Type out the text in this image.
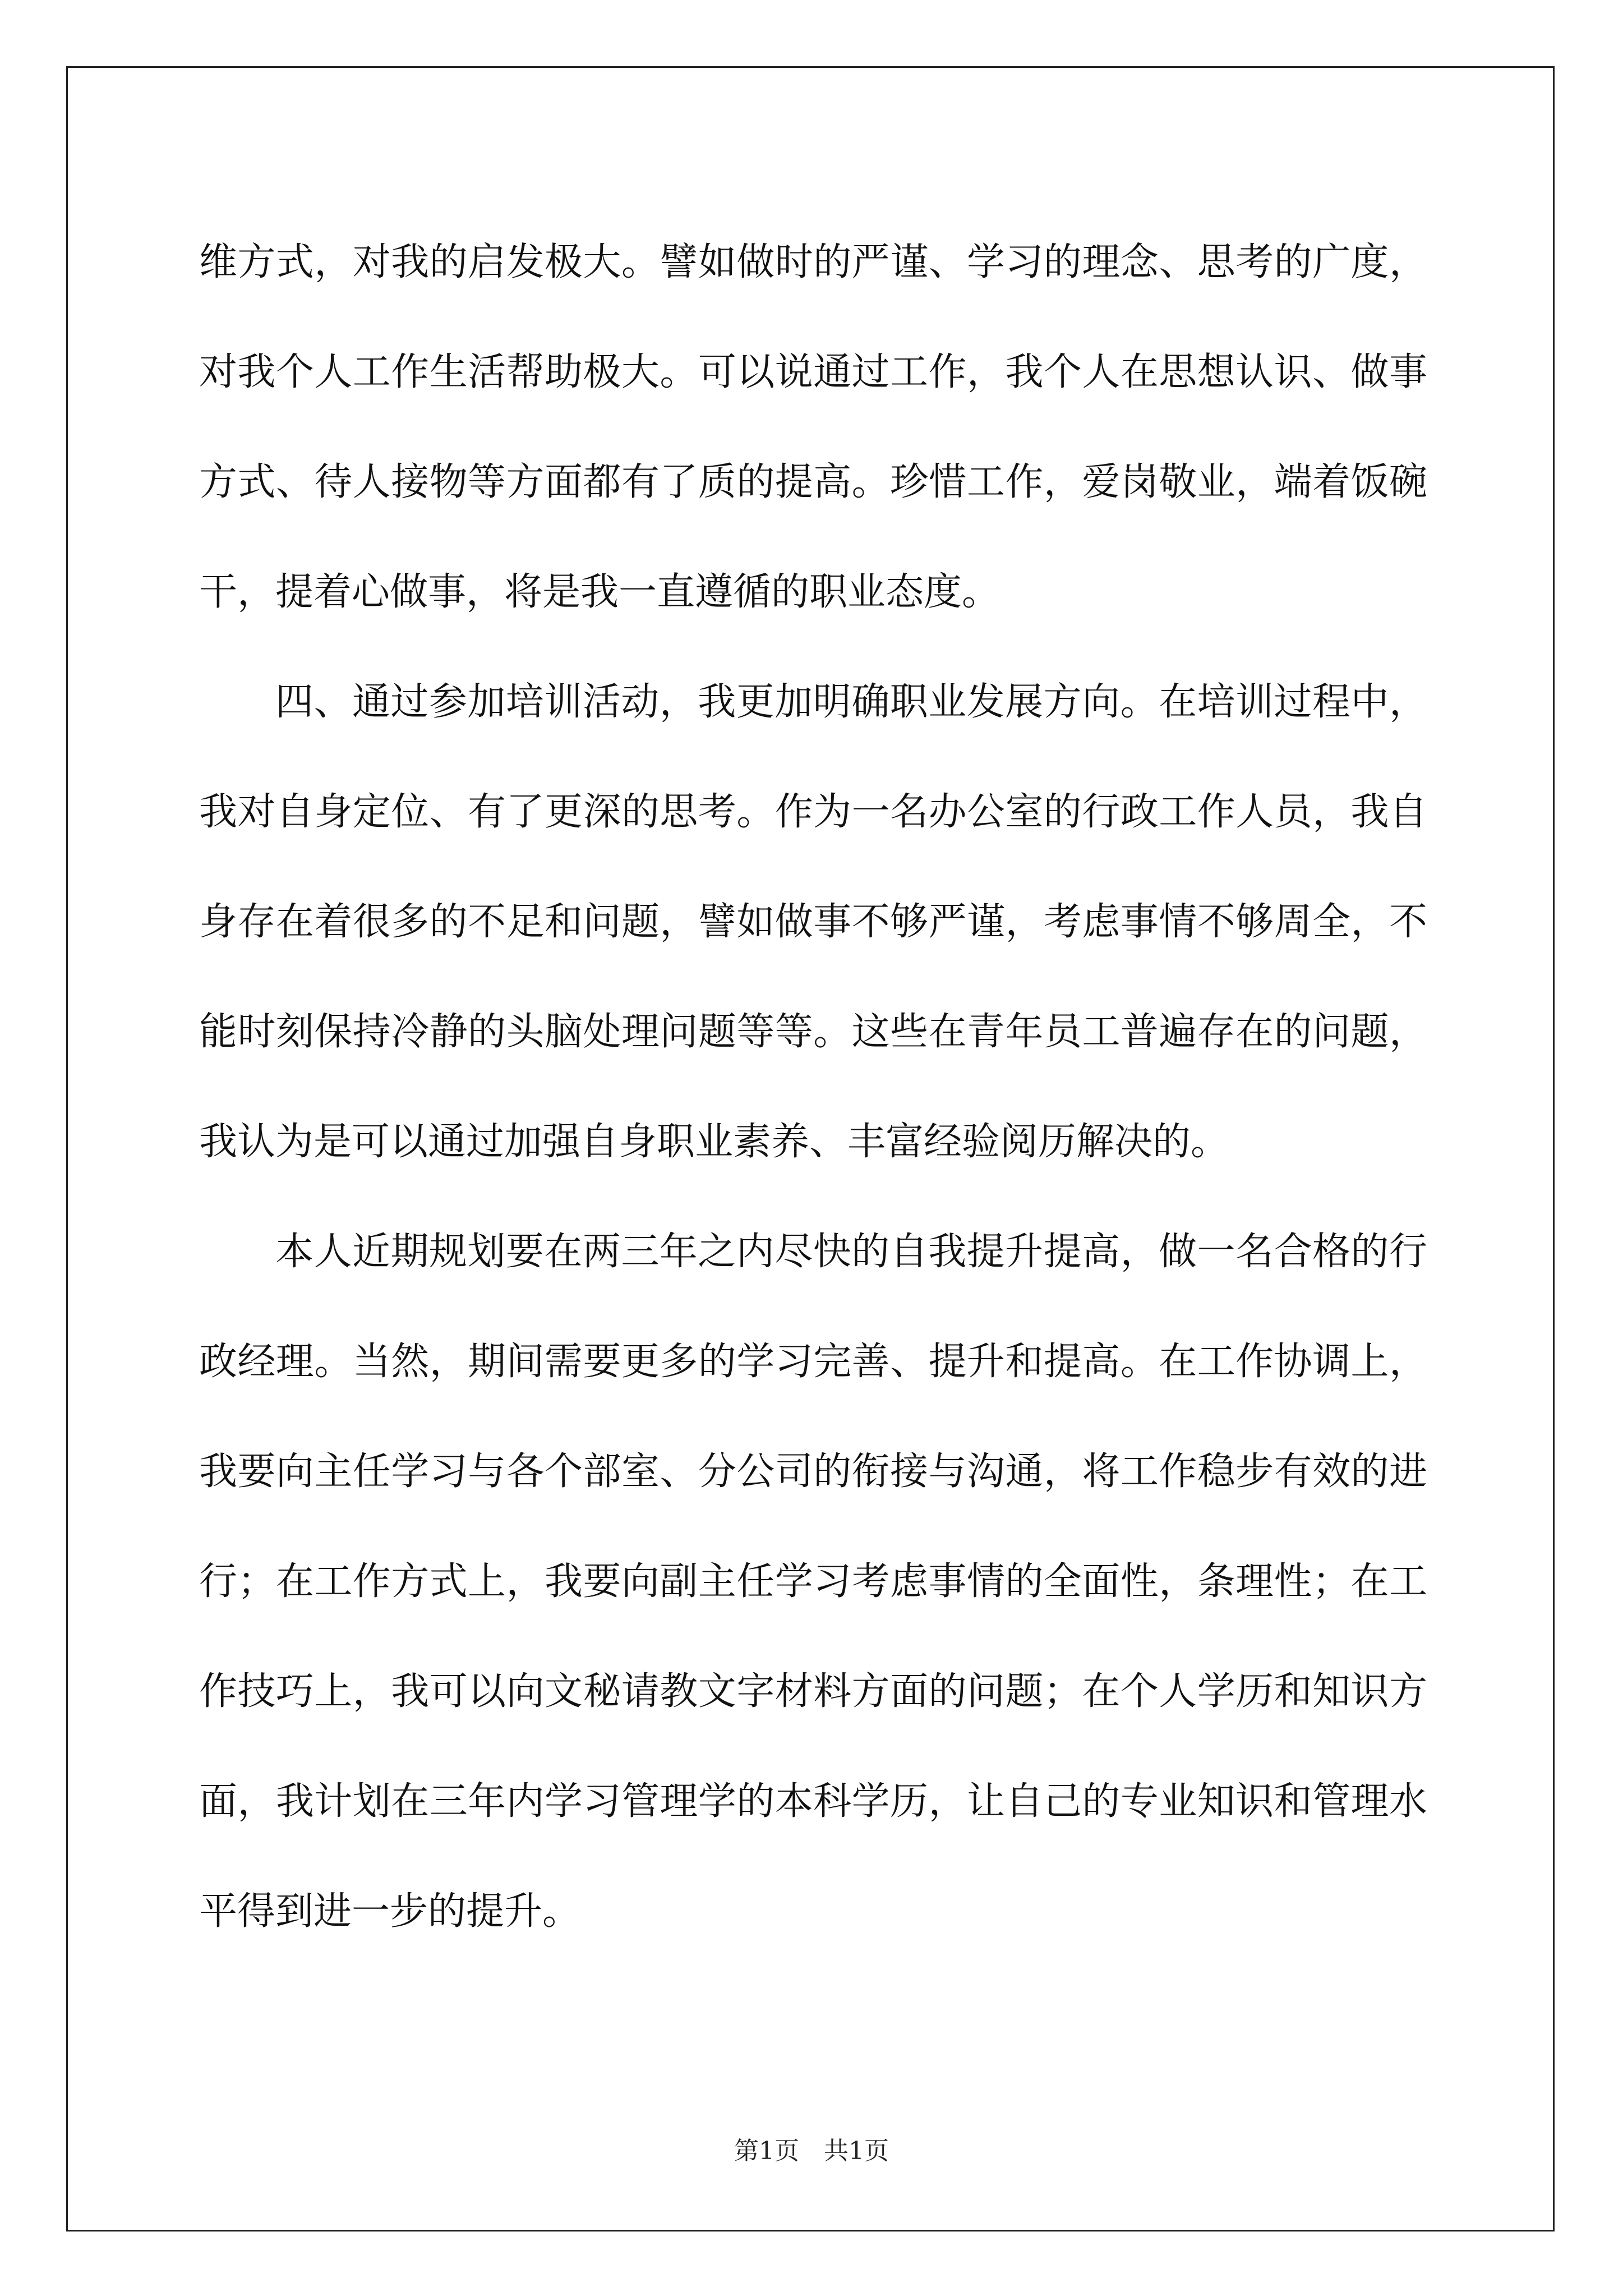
维方式，对我的启发极大。譬如做时的严谨、学习的理念、思考的广度，对我个人工作生活帮助极大。可以说通过工作，我个人在思想认识、做事方式、待人接物等方面都有了质的提高。珍惜工作，爱岗敬业，端着饭碗干，提着心做事，将是我一直遵循的职业态度。

四、通过参加培训活动，我更加明确职业发展方向。在培训过程中，我对自身定位、有了更深的思考。作为一名办公室的行政工作人员，我自身存在着很多的不足和问题，譬如做事不够严谨，考虑事情不够周全，不能时刻保持冷静的头脑处理问题等等。这些在青年员工普遍存在的问题，我认为是可以通过加强自身职业素养、丰富经验阅历解决的。

本人近期规划要在两三年之内尽快的自我提升提高，做一名合格的行政经理。当然，期间需要更多的学习完善、提升和提高。在工作协调上，我要向主任学习与各个部室、分公司的衔接与沟通，将工作稳步有效的进行；在工作方式上，我要向副主任学习考虑事情的全面性，条理性；在工作技巧上，我可以向文秘请教文字材料方面的问题；在个人学历和知识方面，我计划在三年内学习管理学的本科学历，让自己的专业知识和管理水平得到进一步的提升。

第1页 共1页
